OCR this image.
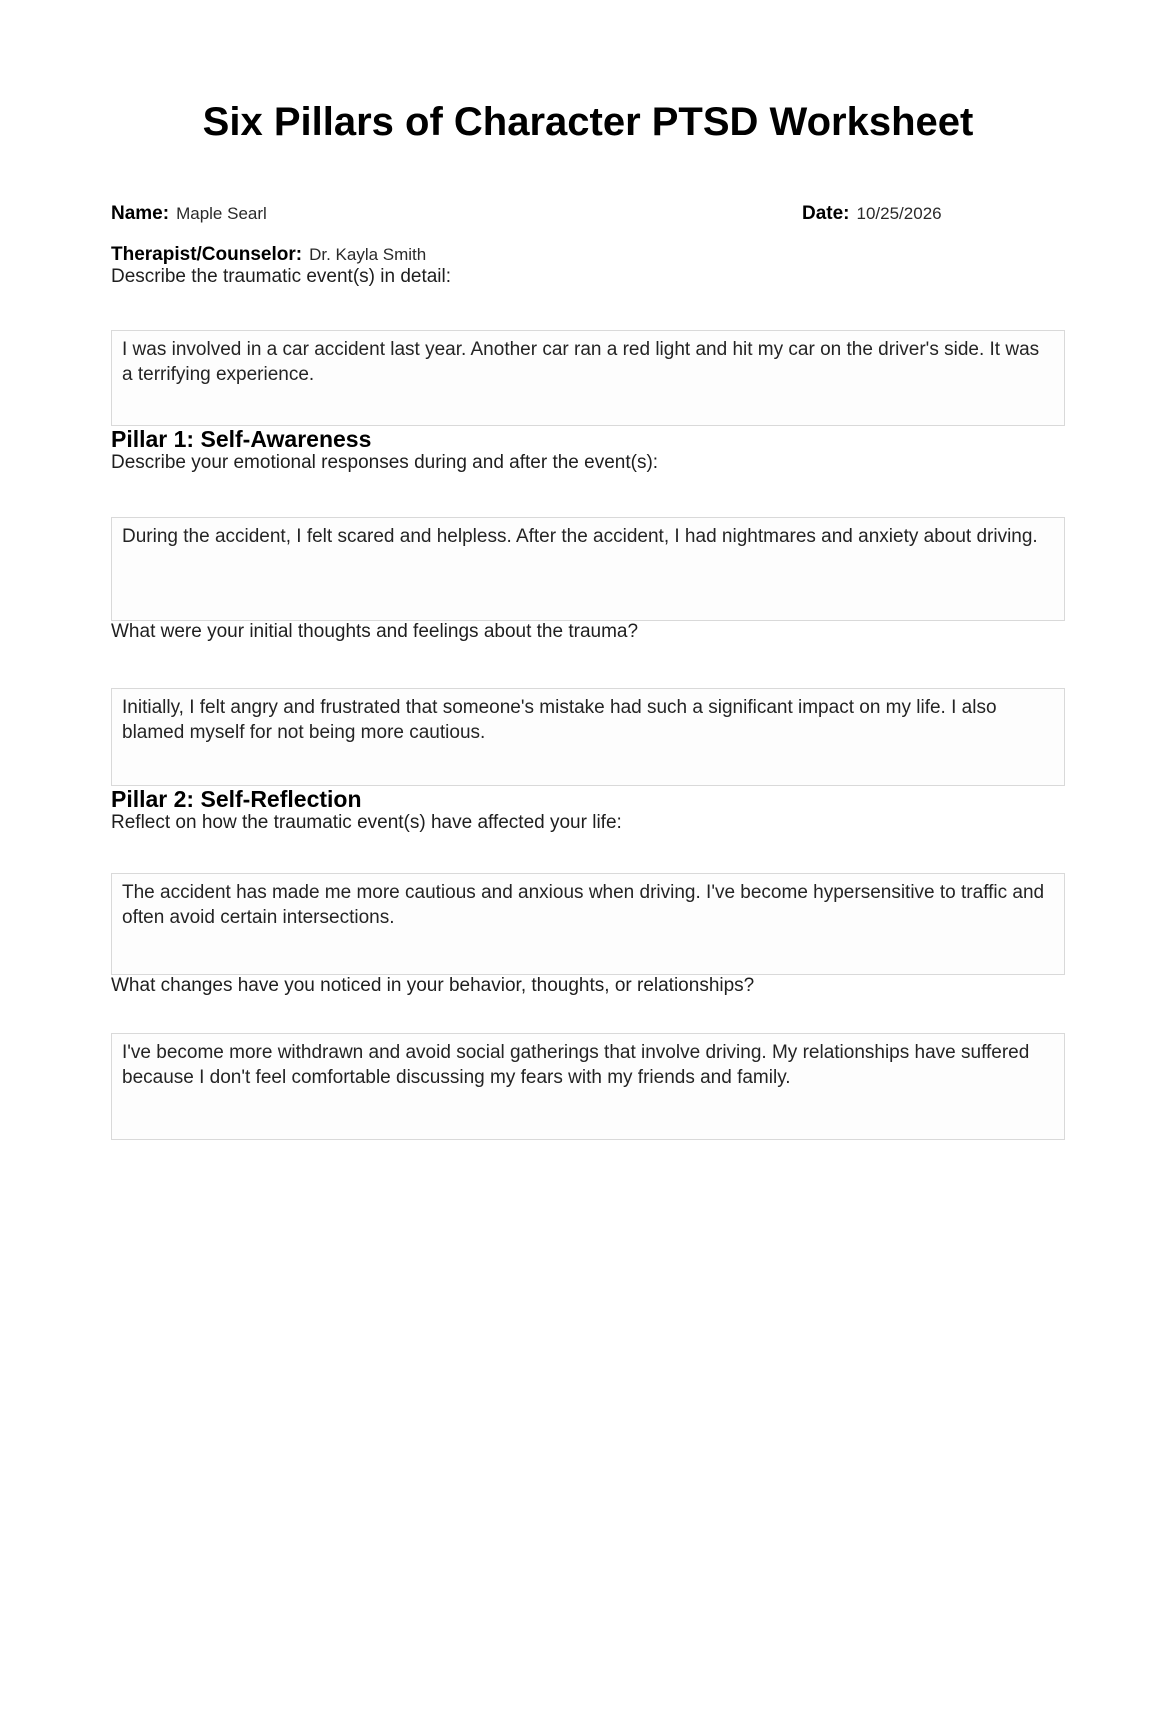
Six Pillars of Character PTSD Worksheet
Name: Maple Searl	Date: 10/25/2026
Therapist/Counselor: Dr. Kayla Smith

Describe the traumatic event(s) in detail:

I was involved in a car accident last year. Another car ran a red light and hit my car on the driver's side. It was a terrifying experience.
Pillar 1: Self-Awareness

Describe your emotional responses during and after the event(s):

During the accident, I felt scared and helpless. After the accident, I had nightmares and anxiety about driving.

What were your initial thoughts and feelings about the trauma?

Initially, I felt angry and frustrated that someone's mistake had such a significant impact on my life. I also blamed myself for not being more cautious.
Pillar 2: Self-Reflection

Reflect on how the traumatic event(s) have affected your life:

The accident has made me more cautious and anxious when driving. I've become hypersensitive to traffic and often avoid certain intersections.

What changes have you noticed in your behavior, thoughts, or relationships?

I've become more withdrawn and avoid social gatherings that involve driving. My relationships have suffered because I don't feel comfortable discussing my fears with my friends and family.
